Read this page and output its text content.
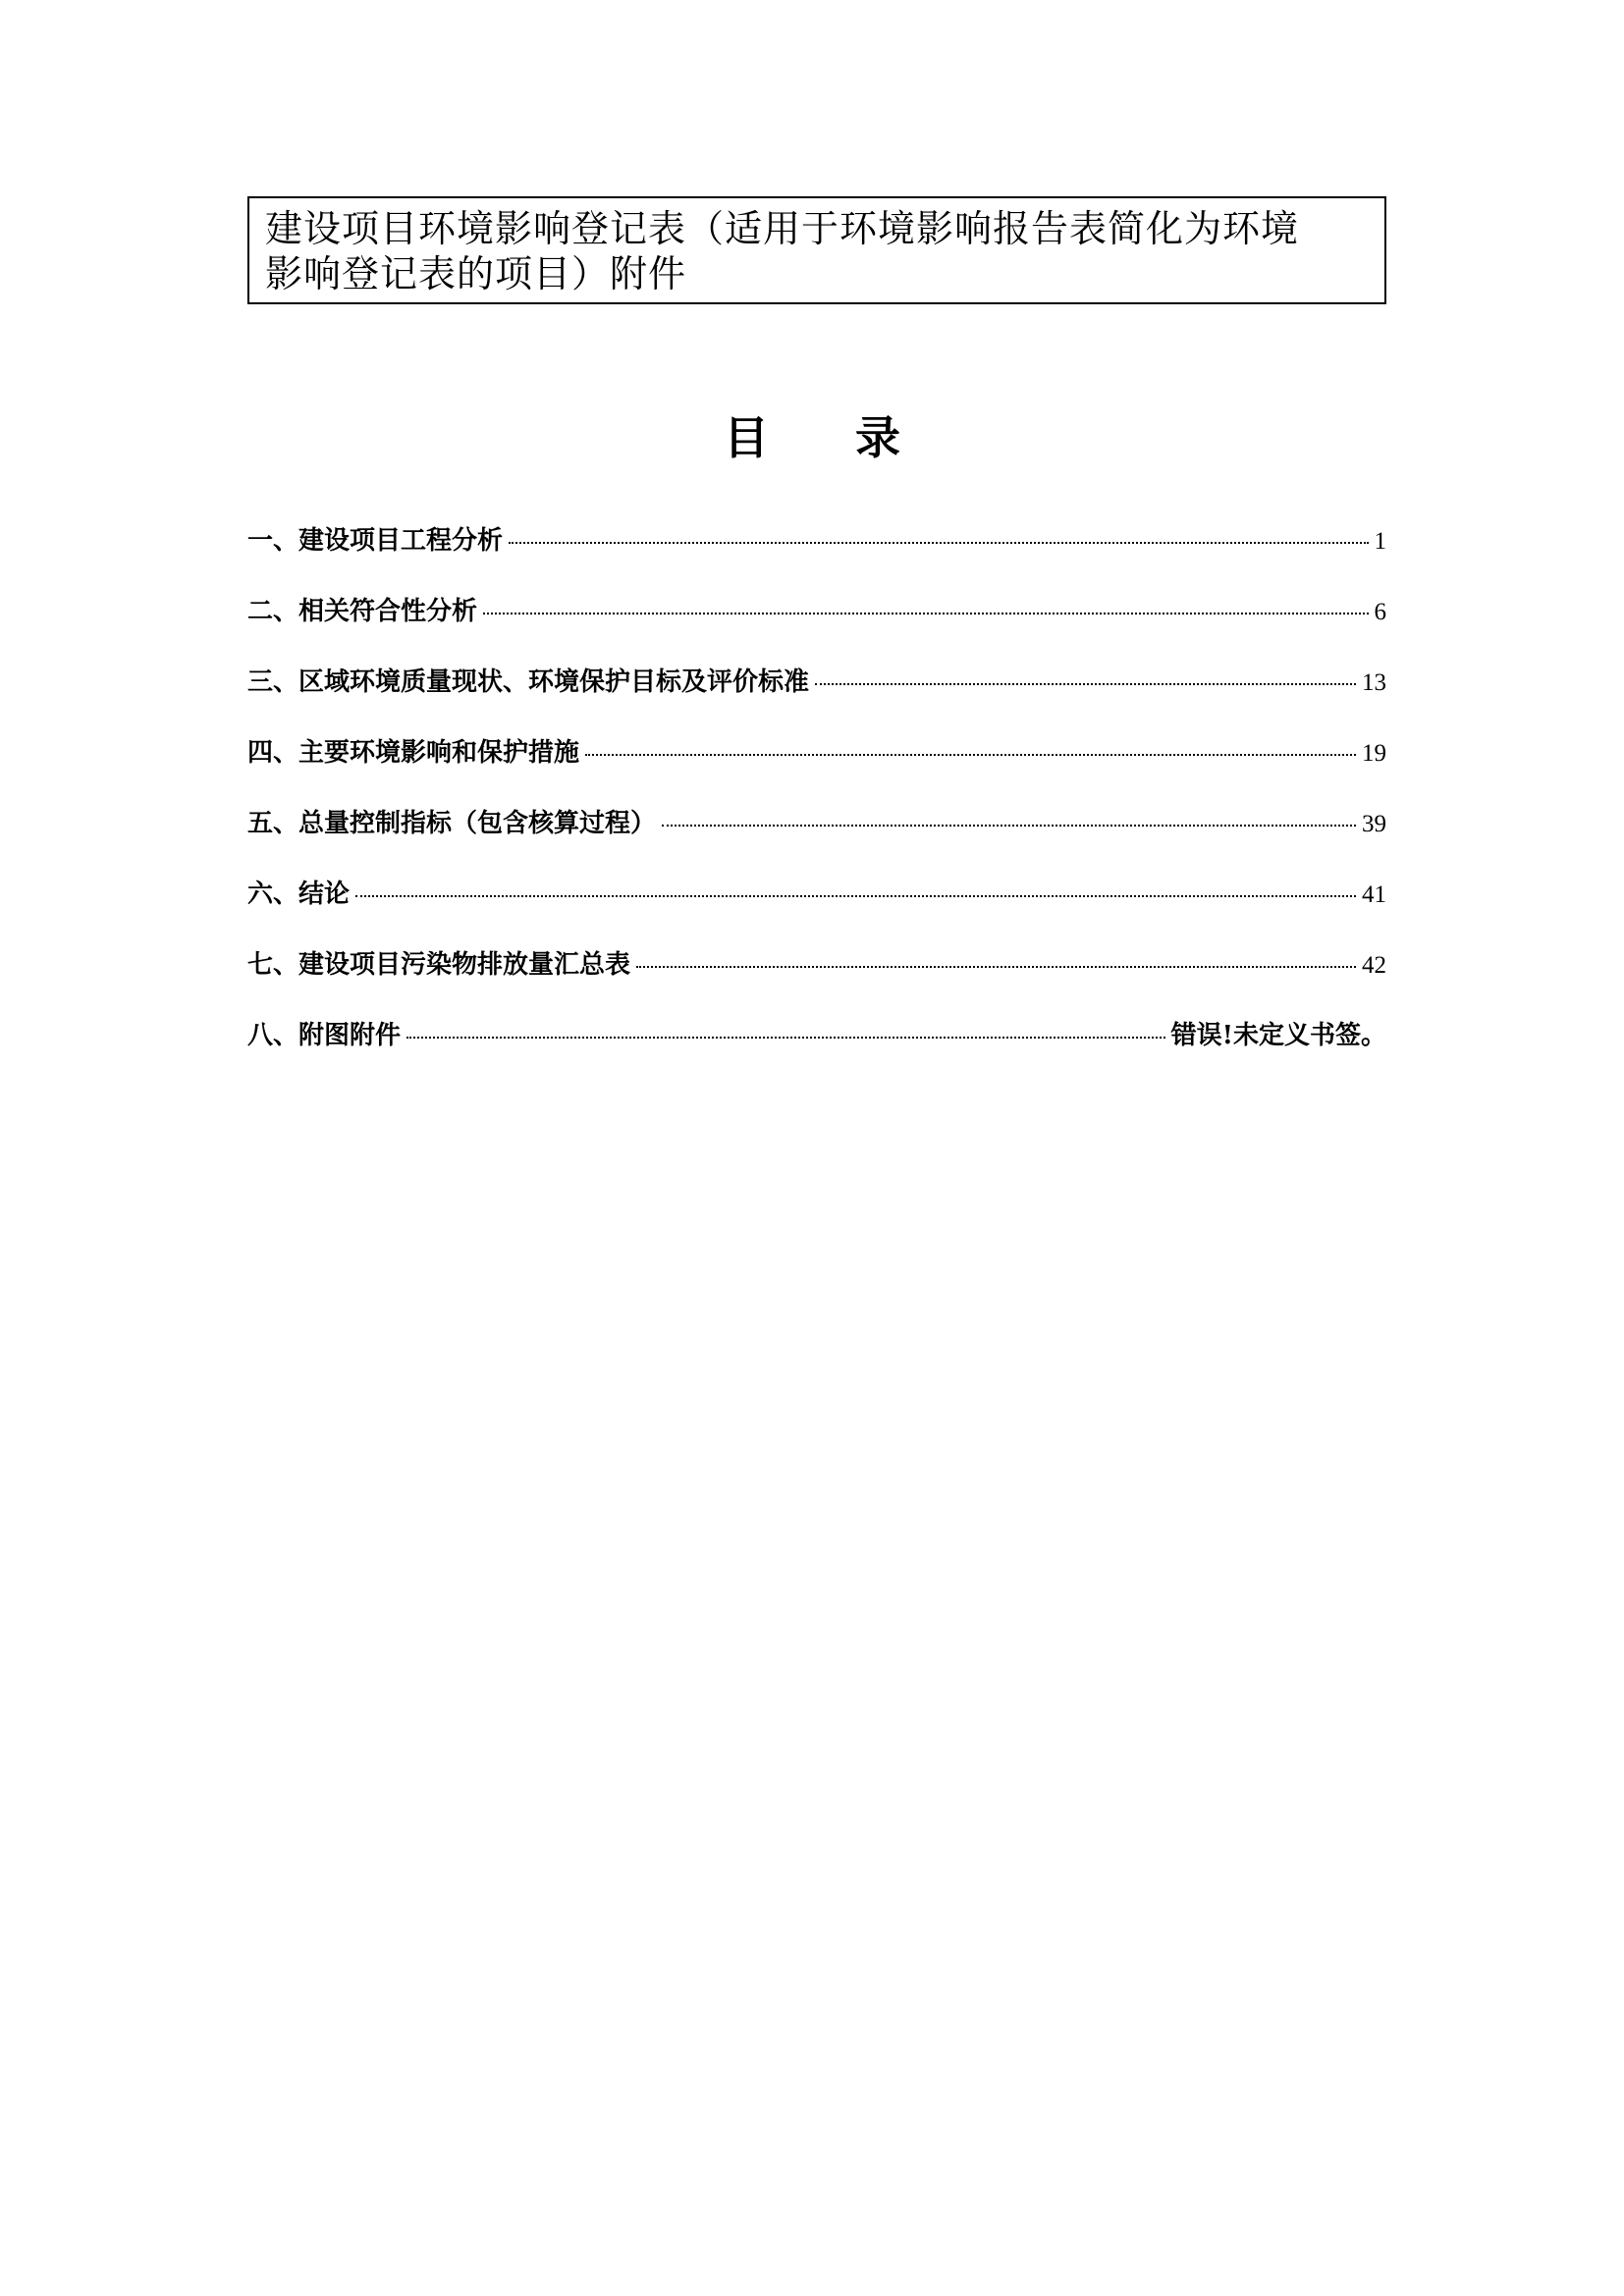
建设项目环境影响登记表（适用于环境影响报告表简化为环境
影响登记表的项目）附件
目 录
一、建设项目工程分析	1
二、相关符合性分析	6
三、区域环境质量现状、环境保护目标及评价标准	13
四、主要环境影响和保护措施	19
五、总量控制指标（包含核算过程）	39
六、结论	41
七、建设项目污染物排放量汇总表	42
八、附图附件	错误!未定义书签。
